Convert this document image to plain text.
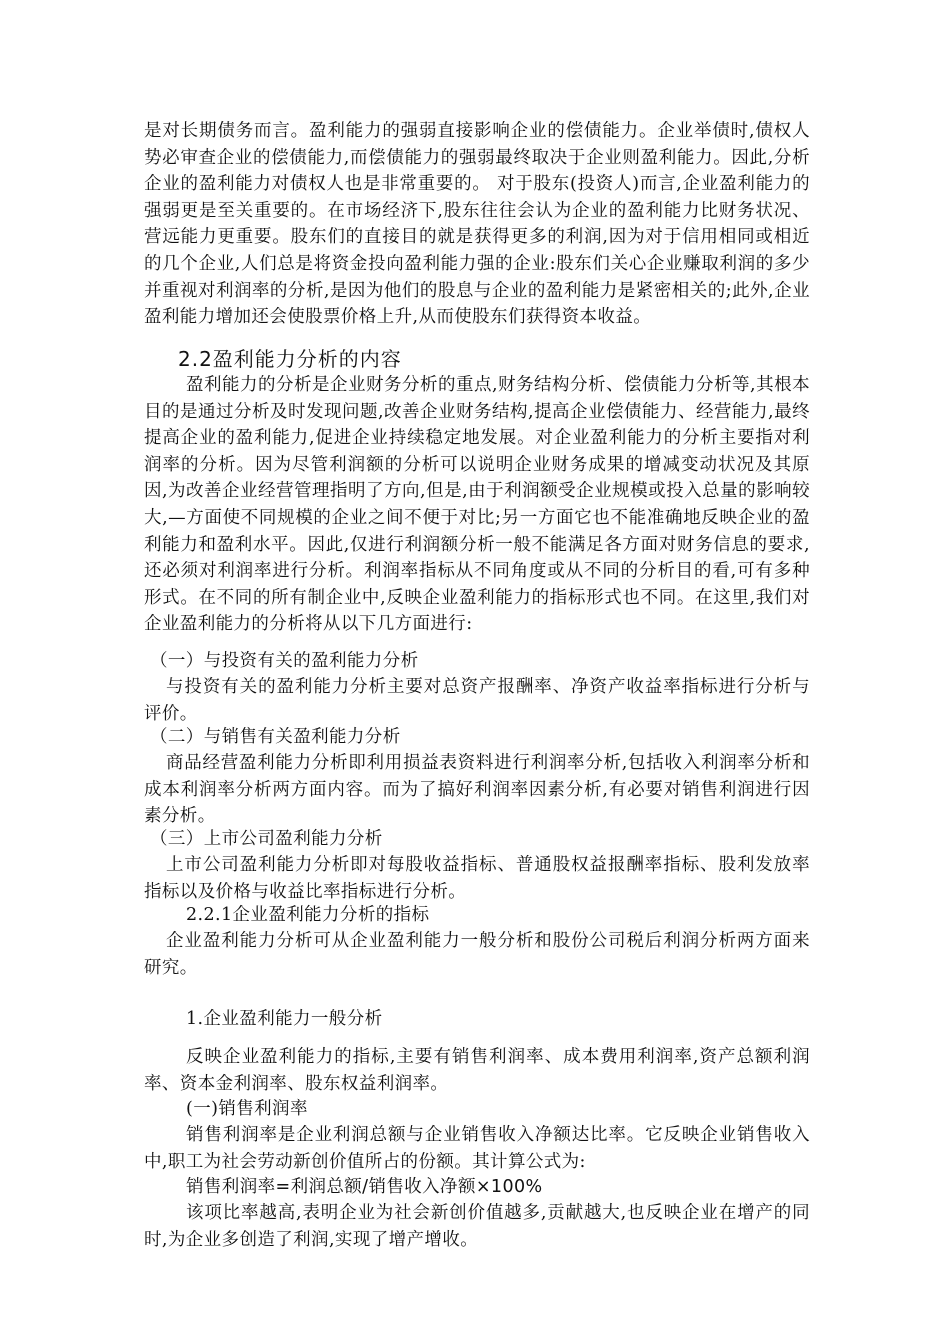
是对长期债务而言。盈利能力的强弱直接影响企业的偿债能力。企业举债时,债权人势必审查企业的偿债能力,而偿债能力的强弱最终取决于企业则盈利能力。因此,分析企业的盈利能力对债权人也是非常重要的。 对于股东(投资人)而言,企业盈利能力的强弱更是至关重要的。在市场经济下,股东往往会认为企业的盈利能力比财务状况、营远能力更重要。股东们的直接目的就是获得更多的利润,因为对于信用相同或相近的几个企业,人们总是将资金投向盈利能力强的企业:股东们关心企业赚取利润的多少并重视对利润率的分析,是因为他们的股息与企业的盈利能力是紧密相关的;此外,企业盈利能力增加还会使股票价格上升,从而使股东们获得资本收益。

2.2盈利能力分析的内容

盈利能力的分析是企业财务分析的重点,财务结构分析、偿债能力分析等,其根本目的是通过分析及时发现问题,改善企业财务结构,提高企业偿债能力、经营能力,最终提高企业的盈利能力,促进企业持续稳定地发展。对企业盈利能力的分析主要指对利润率的分析。因为尽管利润额的分析可以说明企业财务成果的增减变动状况及其原因,为改善企业经营管理指明了方向,但是,由于利润额受企业规模或投入总量的影响较大,—方面使不同规模的企业之间不便于对比;另一方面它也不能准确地反映企业的盈利能力和盈利水平。因此,仅进行利润额分析一般不能满足各方面对财务信息的要求,还必须对利润率进行分析。利润率指标从不同角度或从不同的分析目的看,可有多种形式。在不同的所有制企业中,反映企业盈利能力的指标形式也不同。在这里,我们对企业盈利能力的分析将从以下几方面进行:

（一）与投资有关的盈利能力分析

与投资有关的盈利能力分析主要对总资产报酬率、净资产收益率指标进行分析与评价。

（二）与销售有关盈利能力分析

商品经营盈利能力分析即利用损益表资料进行利润率分析,包括收入利润率分析和成本利润率分析两方面内容。而为了搞好利润率因素分析,有必要对销售利润进行因素分析。

（三）上市公司盈利能力分析

上市公司盈利能力分析即对每股收益指标、普通股权益报酬率指标、股利发放率指标以及价格与收益比率指标进行分析。

2.2.1企业盈利能力分析的指标

企业盈利能力分析可从企业盈利能力一般分析和股份公司税后利润分析两方面来研究。

1.企业盈利能力一般分析

反映企业盈利能力的指标,主要有销售利润率、成本费用利润率,资产总额利润率、资本金利润率、股东权益利润率。

(一)销售利润率

销售利润率是企业利润总额与企业销售收入净额达比率。它反映企业销售收入中,职工为社会劳动新创价值所占的份额。其计算公式为:

销售利润率=利润总额/销售收入净额×100%

该项比率越高,表明企业为社会新创价值越多,贡献越大,也反映企业在增产的同时,为企业多创造了利润,实现了增产增收。
